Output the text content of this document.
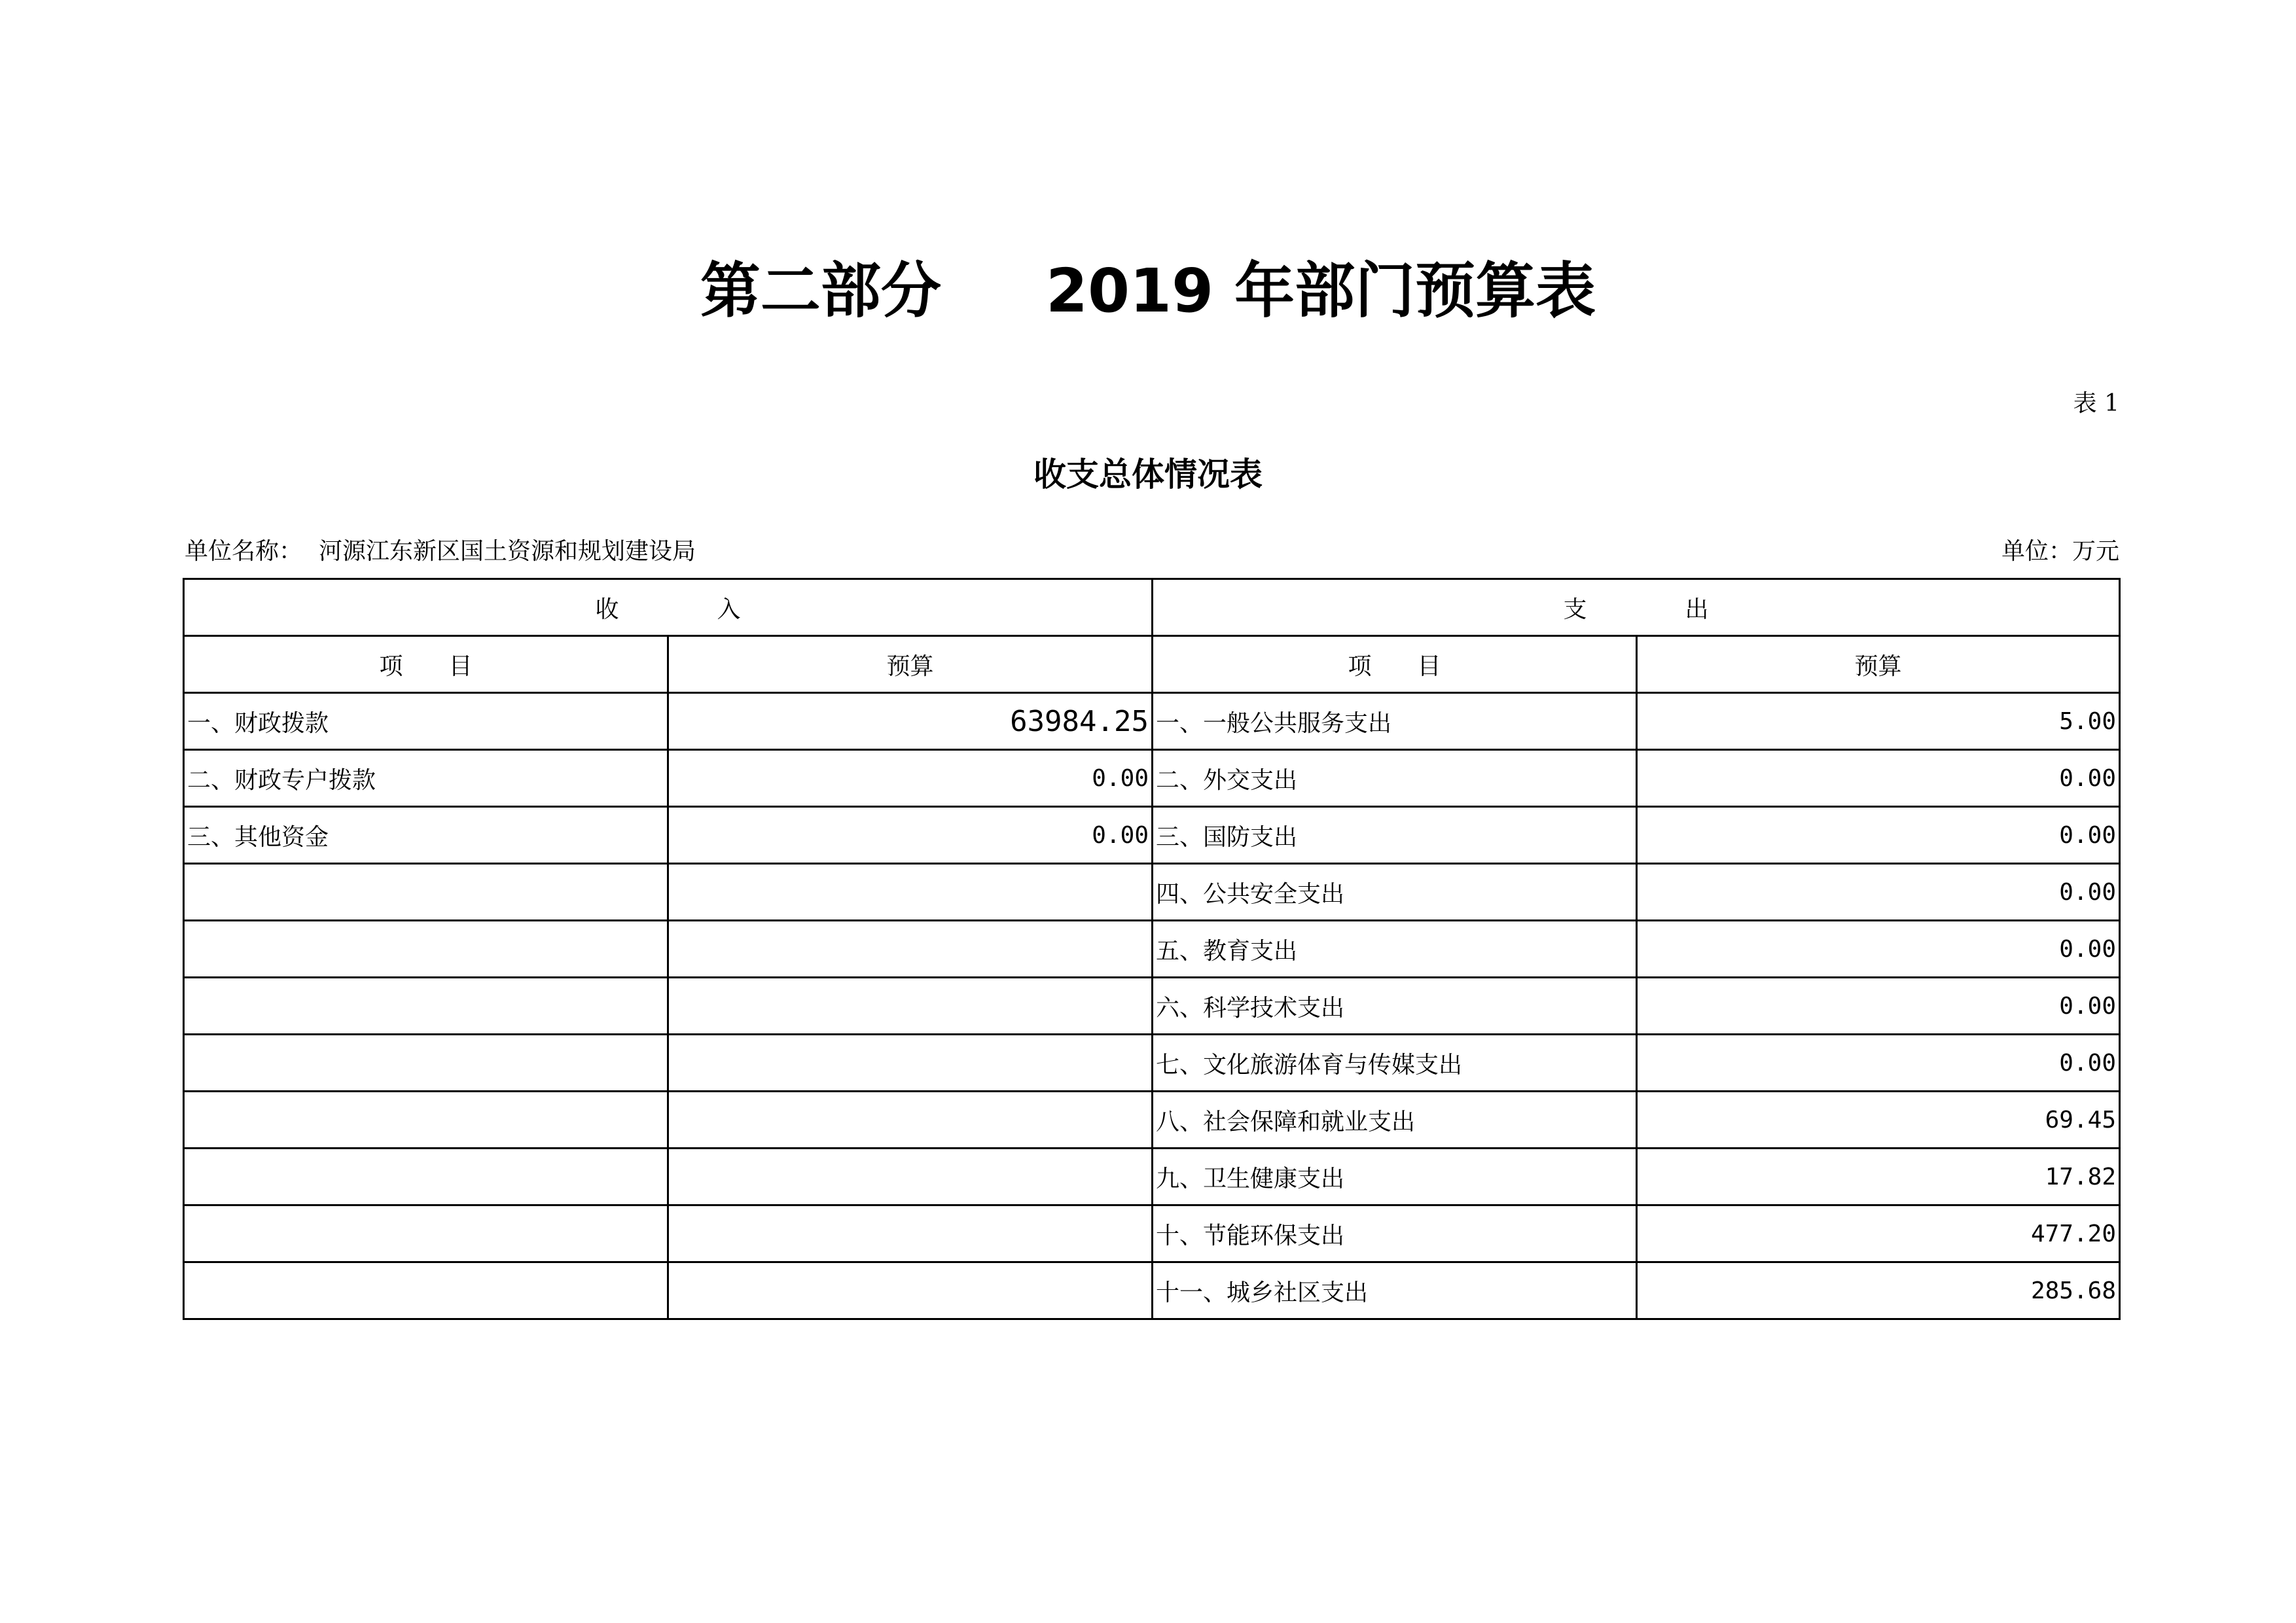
第二部分     2019 年部门预算表
表 1
收支总体情况表
单位名称： 河源江东新区国土资源和规划建设局	单位：万元
收 入		支 出	
项 目	预算	项 目	预算
一、财政拨款	63984.25	一、一般公共服务支出	5.00
二、财政专户拨款	0.00	二、外交支出	0.00
三、其他资金	0.00	三、国防支出	0.00
		四、公共安全支出	0.00
		五、教育支出	0.00
		六、科学技术支出	0.00
		七、文化旅游体育与传媒支出	0.00
		八、社会保障和就业支出	69.45
		九、卫生健康支出	17.82
		十、节能环保支出	477.20
		十一、城乡社区支出	285.68
